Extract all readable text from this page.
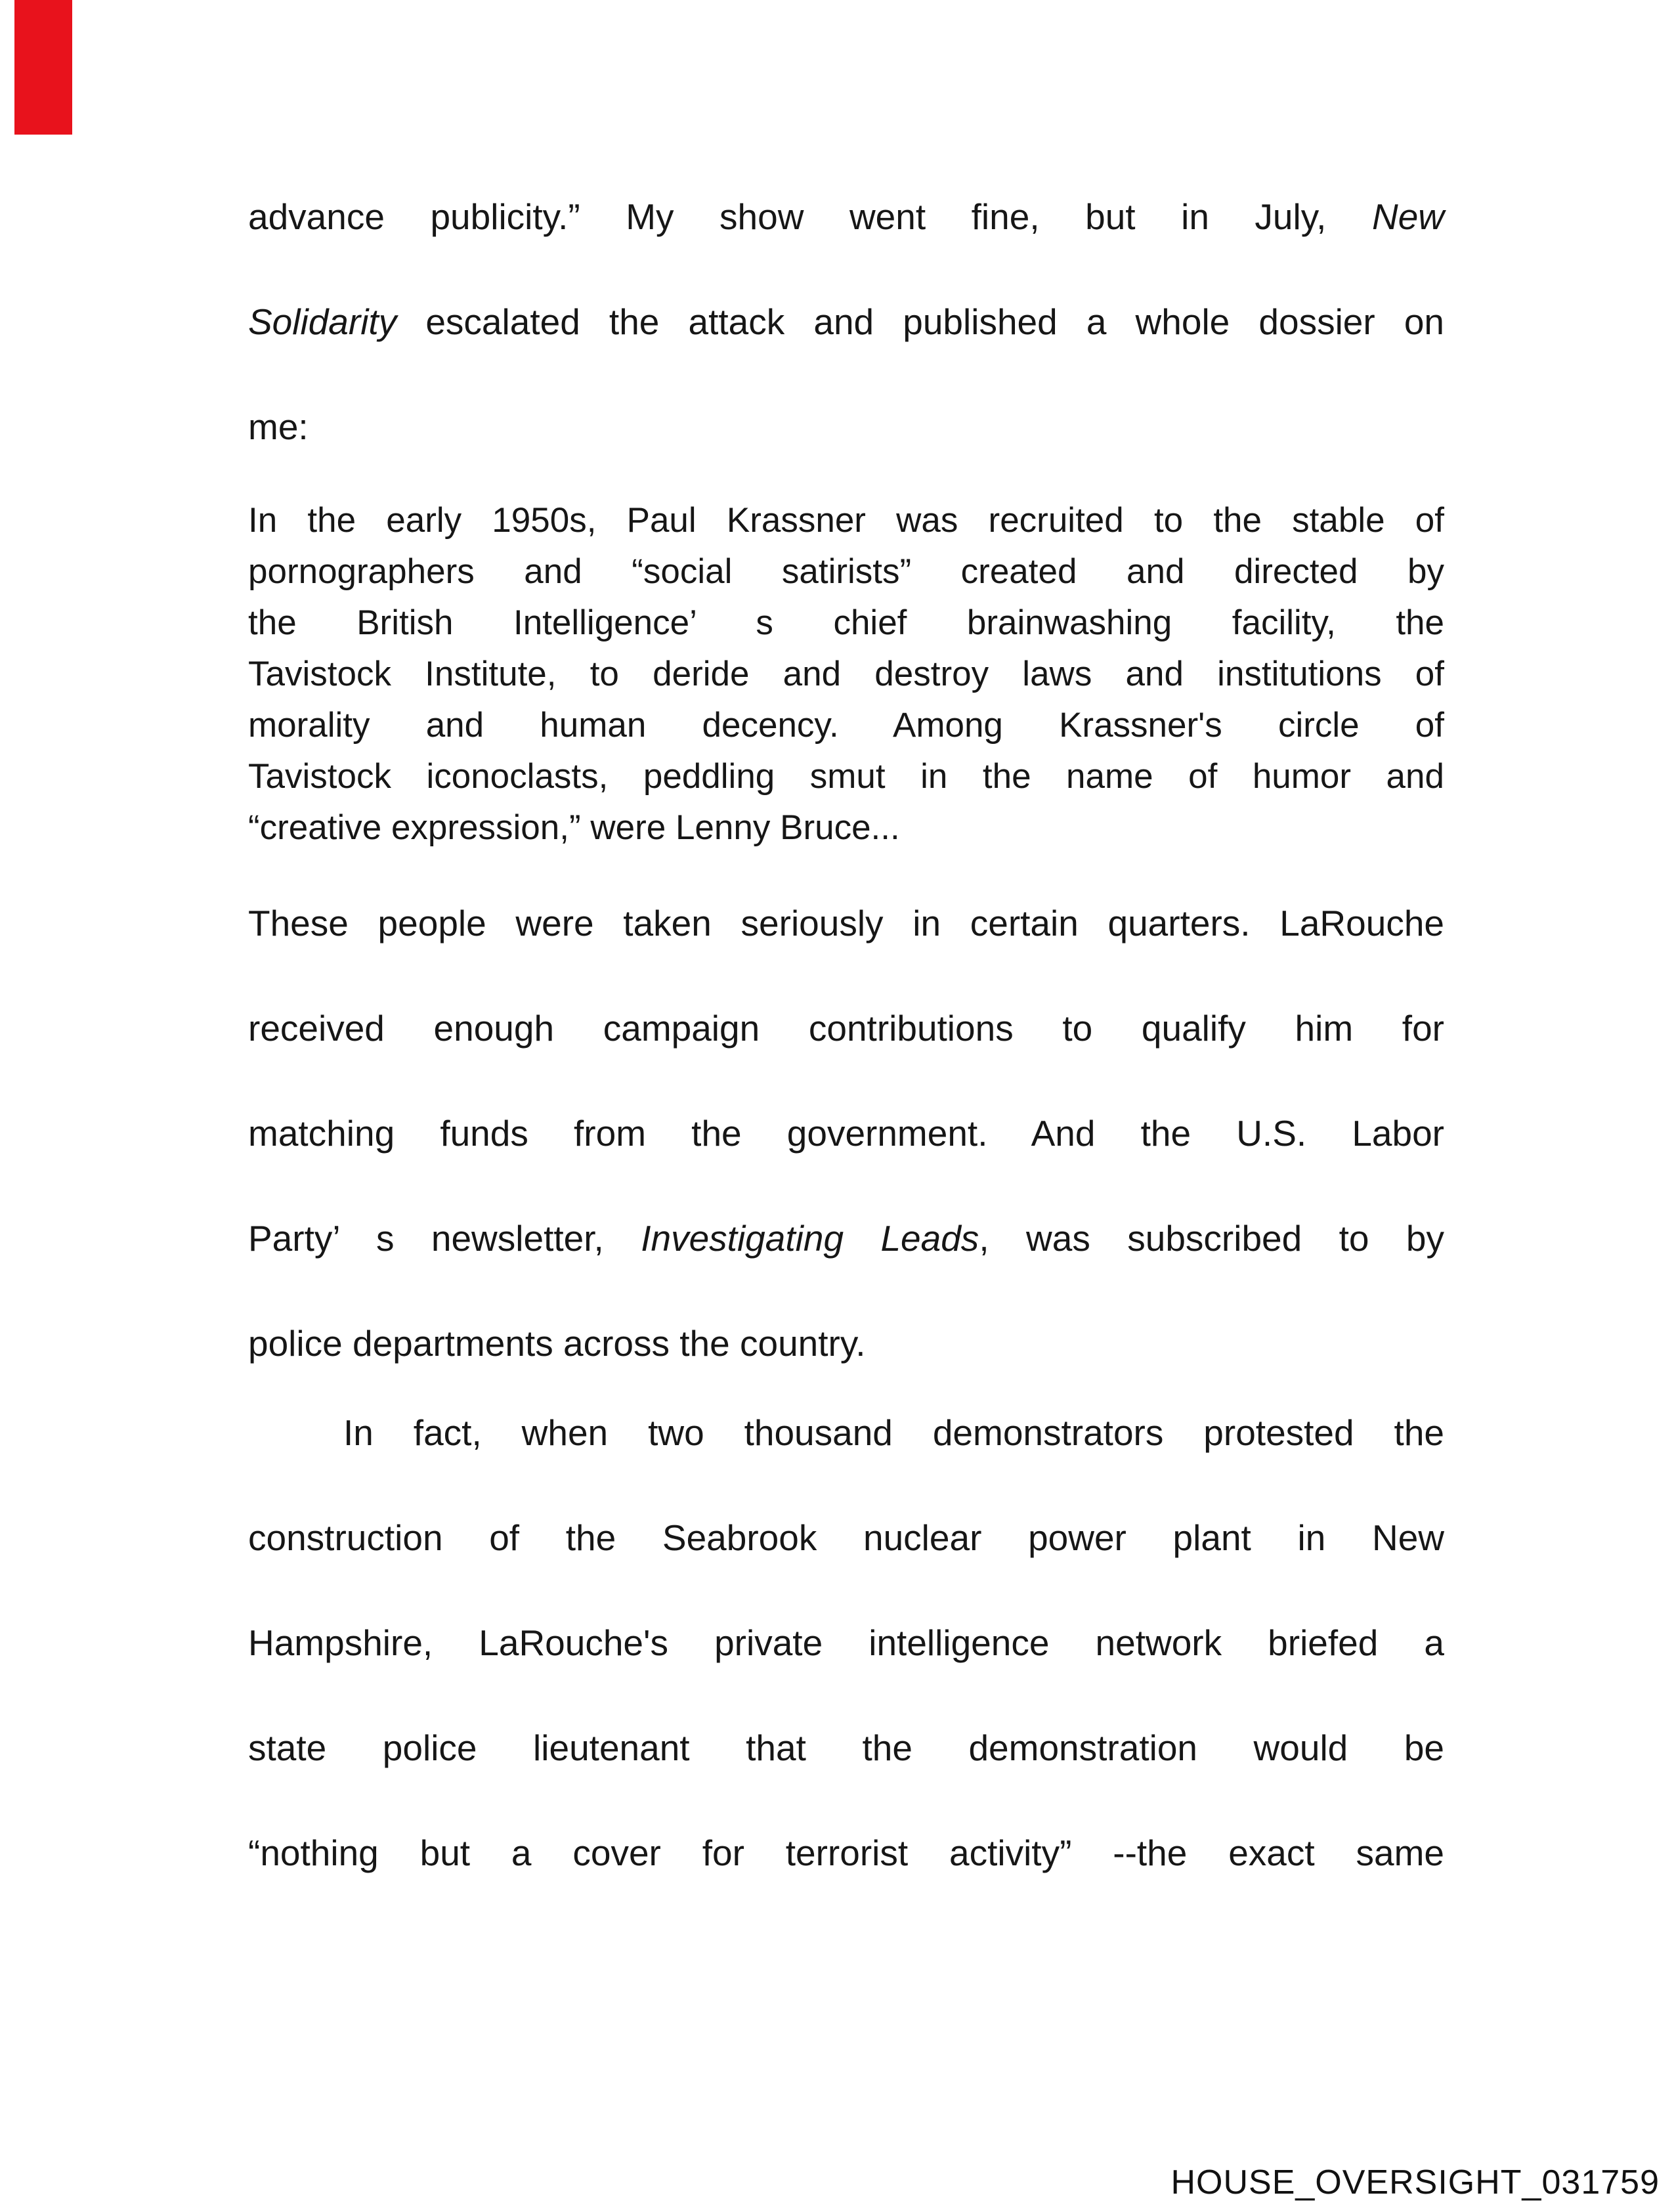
advance publicity.” My show went fine, but in July, New
Solidarity escalated the attack and published a whole dossier on
me:
In the early 1950s, Paul Krassner was recruited to the stable of
pornographers and “social satirists” created and directed by
the British Intelligence’ s chief brainwashing facility, the
Tavistock Institute, to deride and destroy laws and institutions of
morality and human decency. Among Krassner's circle of
Tavistock iconoclasts, peddling smut in the name of humor and
“creative expression,” were Lenny Bruce...
These people were taken seriously in certain quarters. LaRouche
received enough campaign contributions to qualify him for
matching funds from the government. And the U.S. Labor
Party’ s newsletter, Investigating Leads, was subscribed to by
police departments across the country.
In fact, when two thousand demonstrators protested the
construction of the Seabrook nuclear power plant in New
Hampshire, LaRouche's private intelligence network briefed a
state police lieutenant that the demonstration would be
“nothing but a cover for terrorist activity” --the exact same
HOUSE_OVERSIGHT_031759
